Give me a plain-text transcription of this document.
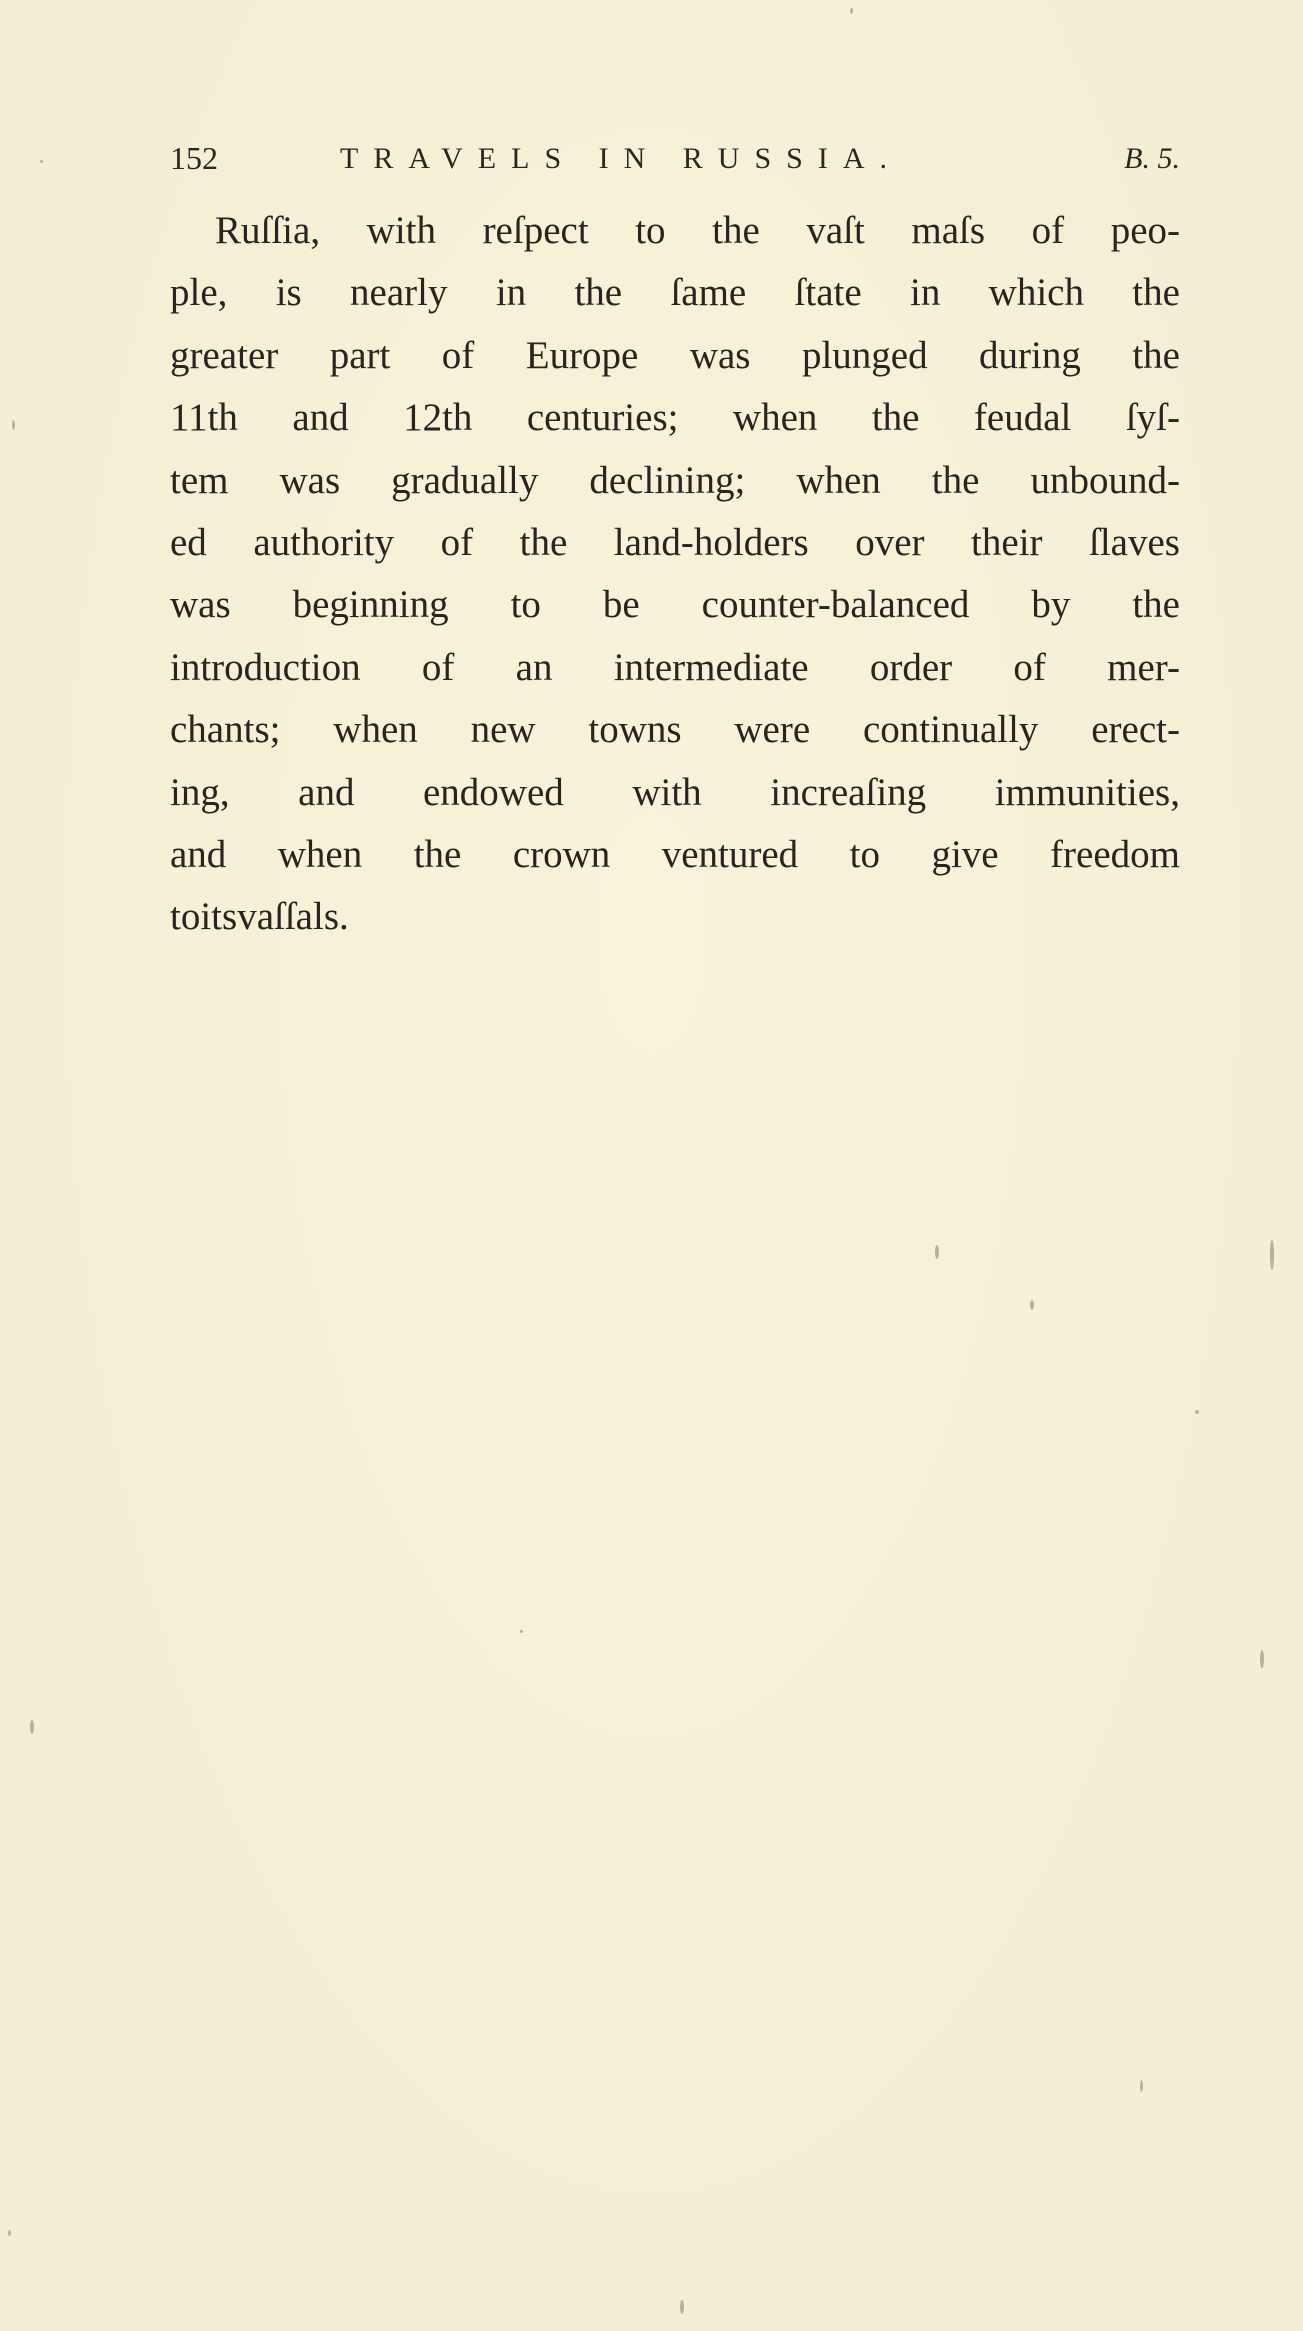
152	TRAVELS IN RUSSIA.	B. 5.
Ruſſia, with reſpect to the vaſt maſs of peo-
ple, is nearly in the ſame ſtate in which the
greater part of Europe was plunged during the
11th and 12th centuries; when the feudal ſyſ-
tem was gradually declining; when the unbound-
ed authority of the land-holders over their ſlaves
was beginning to be counter-balanced by the
introduction of an intermediate order of mer-
chants; when new towns were continually erect-
ing, and endowed with increaſing immunities,
and when the crown ventured to give freedom
to its vaſſals.
